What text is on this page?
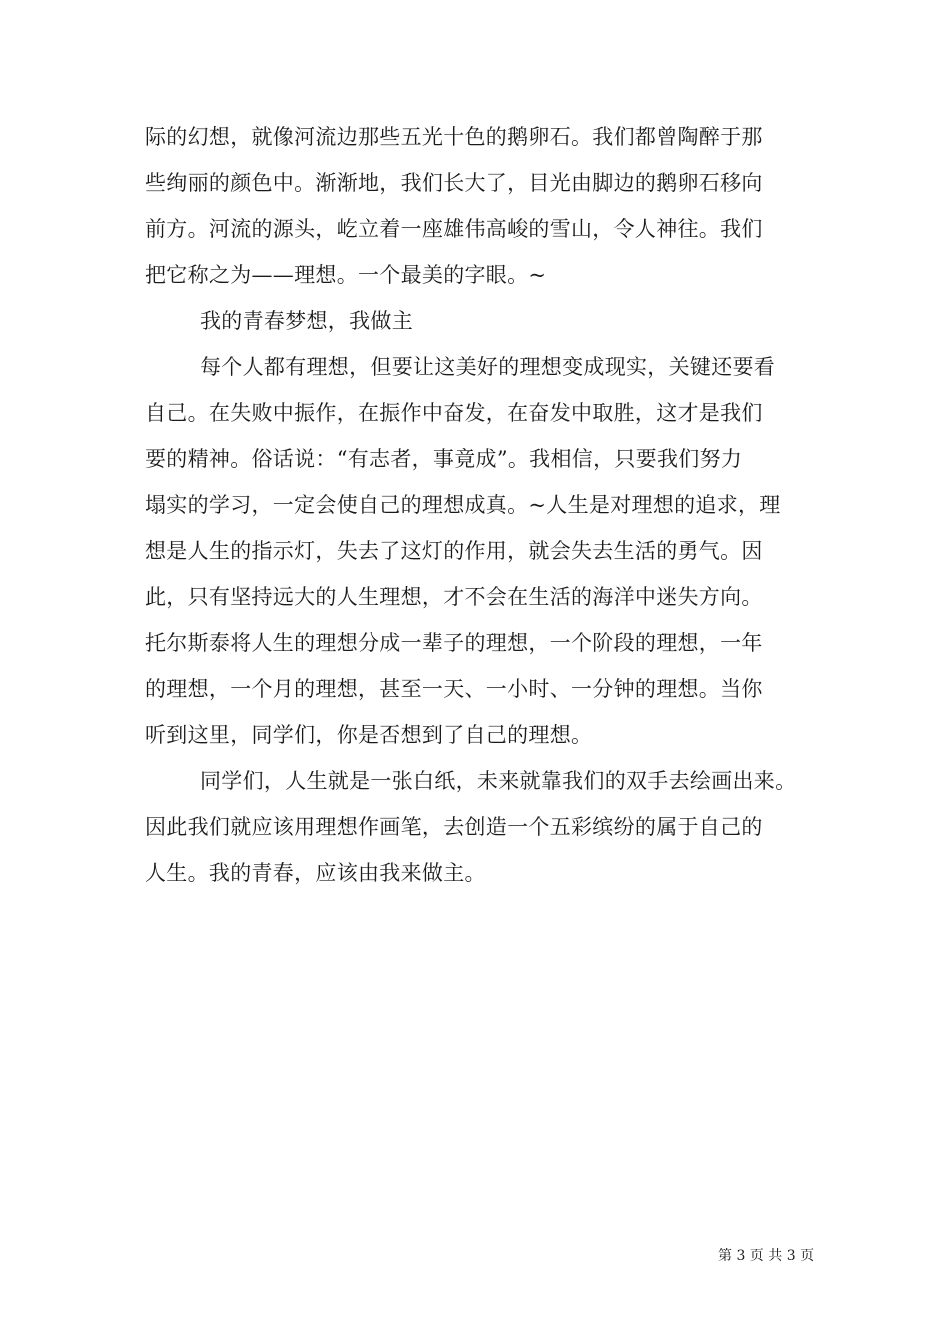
际的幻想，就像河流边那些五光十色的鹅卵石。我们都曾陶醉于那
些绚丽的颜色中。渐渐地，我们长大了，目光由脚边的鹅卵石移向
前方。河流的源头，屹立着一座雄伟高峻的雪山，令人神往。我们
把它称之为——理想。一个最美的字眼。~
我的青春梦想，我做主
每个人都有理想，但要让这美好的理想变成现实，关键还要看
自己。在失败中振作，在振作中奋发，在奋发中取胜，这才是我们
要的精神。俗话说：“有志者，事竟成”。我相信，只要我们努力
塌实的学习，一定会使自己的理想成真。~人生是对理想的追求，理
想是人生的指示灯，失去了这灯的作用，就会失去生活的勇气。因
此，只有坚持远大的人生理想，才不会在生活的海洋中迷失方向。
托尔斯泰将人生的理想分成一辈子的理想，一个阶段的理想，一年
的理想，一个月的理想，甚至一天、一小时、一分钟的理想。当你
听到这里，同学们，你是否想到了自己的理想。
同学们，人生就是一张白纸，未来就靠我们的双手去绘画出来。
因此我们就应该用理想作画笔，去创造一个五彩缤纷的属于自己的
人生。我的青春，应该由我来做主。
第 3 页 共 3 页
